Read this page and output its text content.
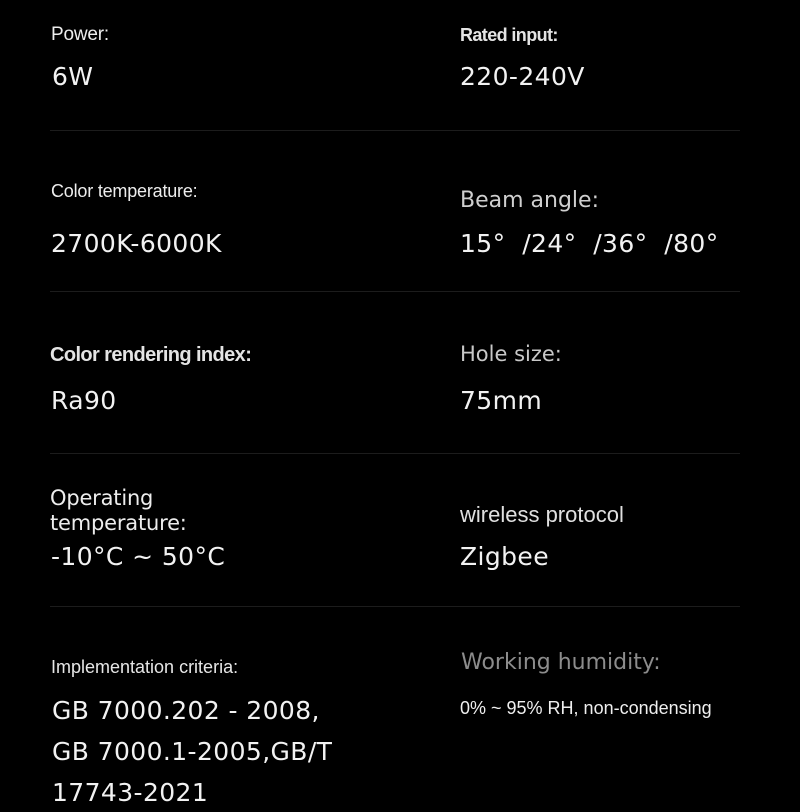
Power:
6W
Rated input:
220-240V
Color temperature:
2700K-6000K
Beam angle:
15°  /24°  /36°  /80°
Color rendering index:
Ra90
Hole size:
75mm
Operating
temperature:
-10°C ~ 50°C
wireless protocol
Zigbee
Implementation criteria:
GB 7000.202 - 2008,
GB 7000.1-2005,GB/T
17743-2021
Working humidity:
0% ~ 95% RH, non-condensing
